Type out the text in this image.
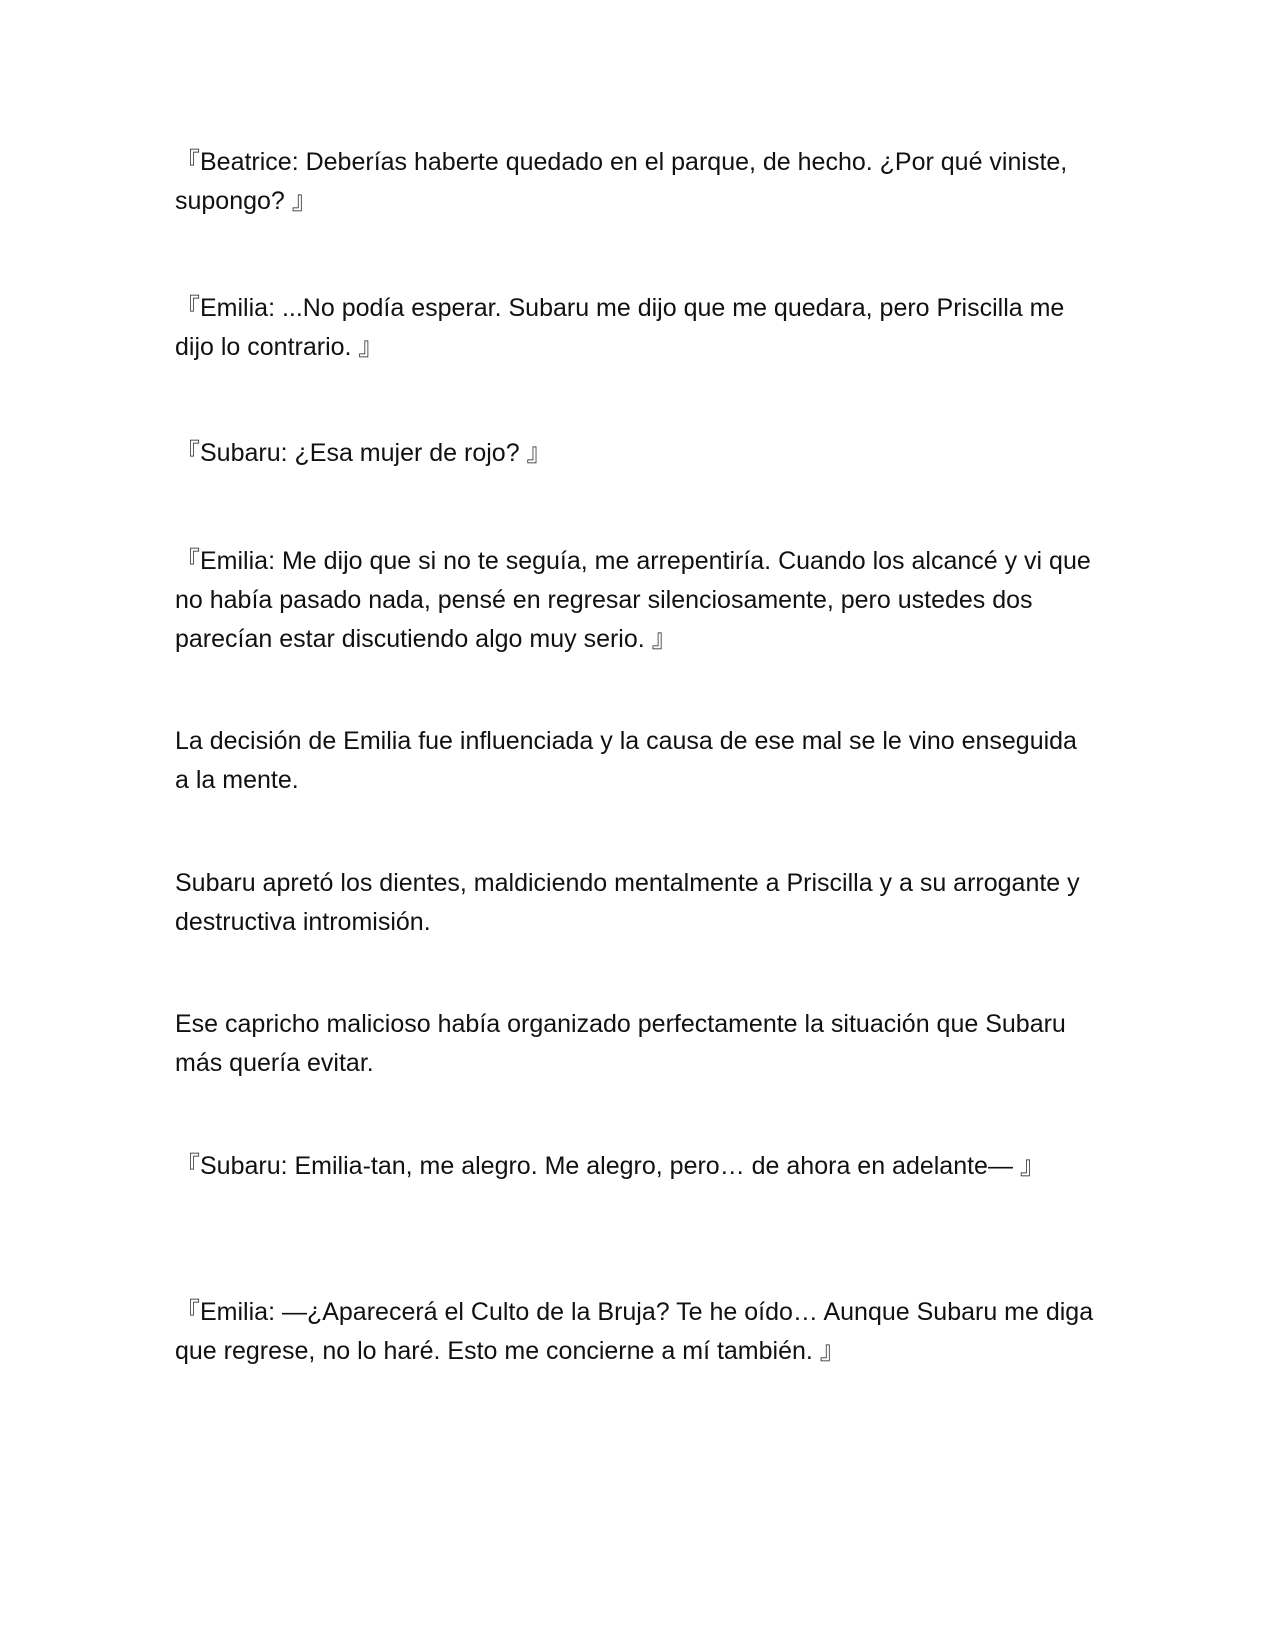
『Beatrice: Deberías haberte quedado en el parque, de hecho. ¿Por qué viniste, supongo? 』

『Emilia: ...No podía esperar. Subaru me dijo que me quedara, pero Priscilla me dijo lo contrario. 』

『Subaru: ¿Esa mujer de rojo? 』

『Emilia: Me dijo que si no te seguía, me arrepentiría. Cuando los alcancé y vi que no había pasado nada, pensé en regresar silenciosamente, pero ustedes dos parecían estar discutiendo algo muy serio. 』

La decisión de Emilia fue influenciada y la causa de ese mal se le vino enseguida a la mente.

Subaru apretó los dientes, maldiciendo mentalmente a Priscilla y a su arrogante y destructiva intromisión.

Ese capricho malicioso había organizado perfectamente la situación que Subaru más quería evitar.

『Subaru: Emilia-tan, me alegro. Me alegro, pero… de ahora en adelante— 』

『Emilia: —¿Aparecerá el Culto de la Bruja? Te he oído… Aunque Subaru me diga que regrese, no lo haré. Esto me concierne a mí también. 』
